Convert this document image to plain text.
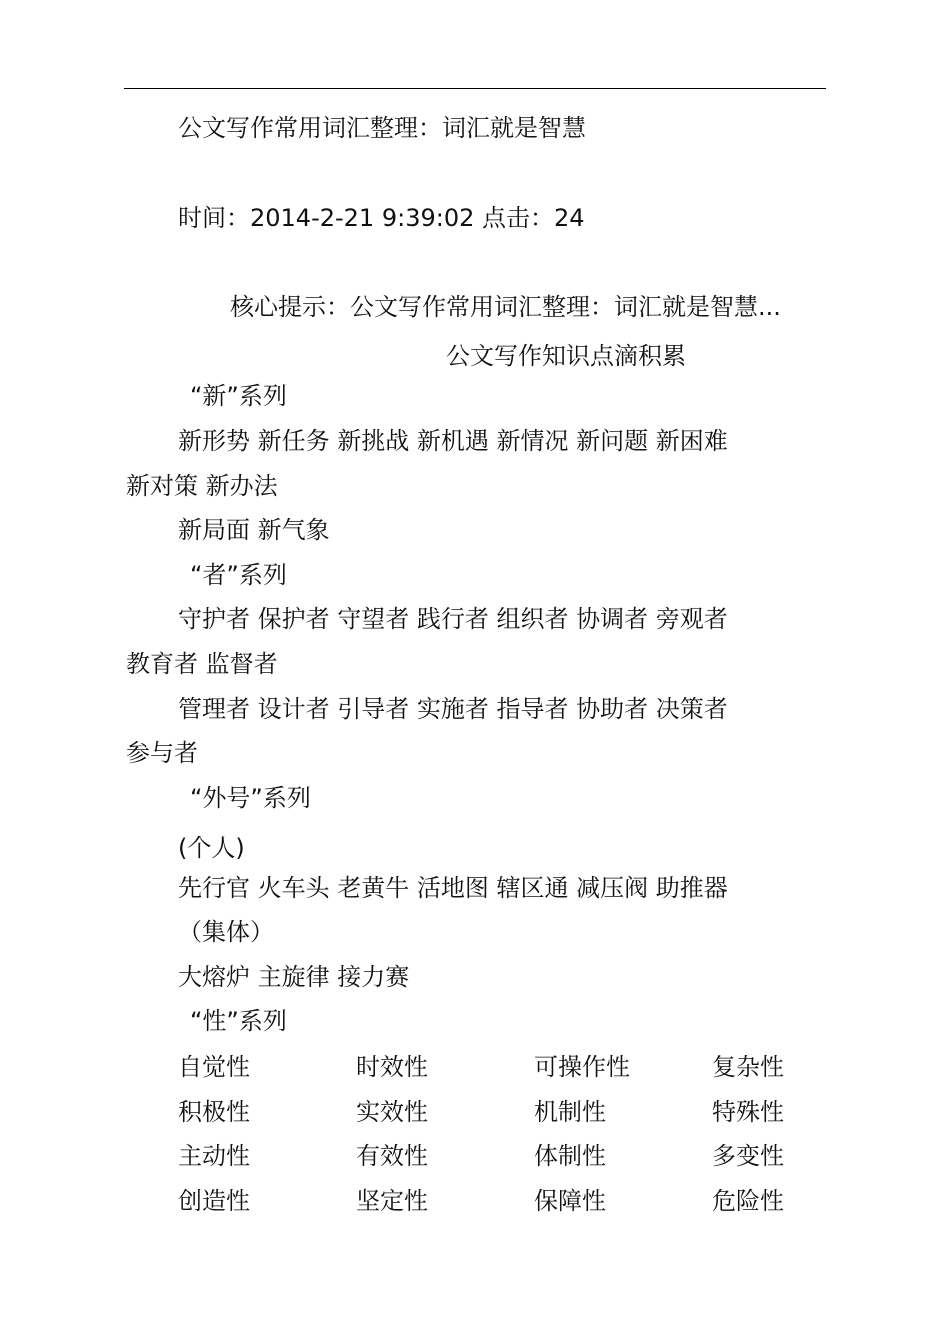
公文写作常用词汇整理：词汇就是智慧
时间：2014-2-21 9:39:02 点击：24
核心提示：公文写作常用词汇整理：词汇就是智慧...
公文写作知识点滴积累
“新”系列
新形势 新任务 新挑战 新机遇 新情况 新问题 新困难
新对策 新办法
新局面 新气象
“者”系列
守护者 保护者 守望者 践行者 组织者 协调者 旁观者
教育者 监督者
管理者 设计者 引导者 实施者 指导者 协助者 决策者
参与者
“外号”系列
(个人)
先行官 火车头 老黄牛 活地图 辖区通 减压阀 助推器
（集体）
大熔炉 主旋律 接力赛
“性”系列
自觉性	时效性	可操作性	复杂性
积极性	实效性	机制性	特殊性
主动性	有效性	体制性	多变性
创造性	坚定性	保障性	危险性
